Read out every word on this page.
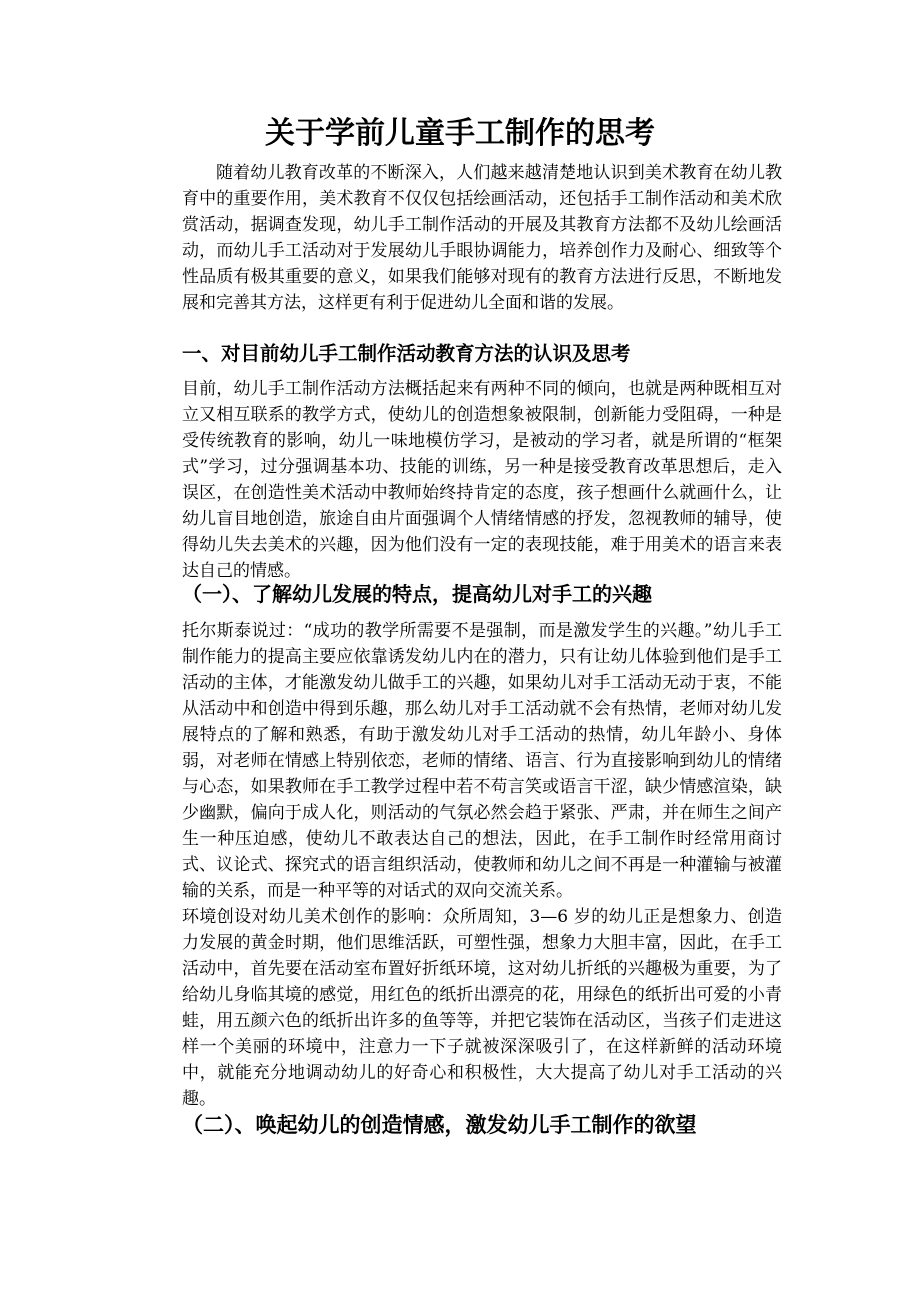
关于学前儿童手工制作的思考

随着幼儿教育改革的不断深入，人们越来越清楚地认识到美术教育在幼儿教育中的重要作用，美术教育不仅仅包括绘画活动，还包括手工制作活动和美术欣赏活动，据调查发现，幼儿手工制作活动的开展及其教育方法都不及幼儿绘画活动，而幼儿手工活动对于发展幼儿手眼协调能力，培养创作力及耐心、细致等个性品质有极其重要的意义，如果我们能够对现有的教育方法进行反思，不断地发展和完善其方法，这样更有利于促进幼儿全面和谐的发展。

一、对目前幼儿手工制作活动教育方法的认识及思考

目前，幼儿手工制作活动方法概括起来有两种不同的倾向，也就是两种既相互对立又相互联系的教学方式，使幼儿的创造想象被限制，创新能力受阻碍，一种是受传统教育的影响，幼儿一味地模仿学习，是被动的学习者，就是所谓的“框架式”学习，过分强调基本功、技能的训练，另一种是接受教育改革思想后，走入误区，在创造性美术活动中教师始终持肯定的态度，孩子想画什么就画什么，让幼儿盲目地创造，旅途自由片面强调个人情绪情感的抒发，忽视教师的辅导，使得幼儿失去美术的兴趣，因为他们没有一定的表现技能，难于用美术的语言来表达自己的情感。

（一）、了解幼儿发展的特点，提高幼儿对手工的兴趣

托尔斯泰说过：“成功的教学所需要不是强制，而是激发学生的兴趣。”幼儿手工制作能力的提高主要应依靠诱发幼儿内在的潜力，只有让幼儿体验到他们是手工活动的主体，才能激发幼儿做手工的兴趣，如果幼儿对手工活动无动于衷，不能从活动中和创造中得到乐趣，那么幼儿对手工活动就不会有热情，老师对幼儿发展特点的了解和熟悉，有助于激发幼儿对手工活动的热情，幼儿年龄小、身体弱，对老师在情感上特别依恋，老师的情绪、语言、行为直接影响到幼儿的情绪与心态，如果教师在手工教学过程中若不苟言笑或语言干涩，缺少情感渲染，缺少幽默，偏向于成人化，则活动的气氛必然会趋于紧张、严肃，并在师生之间产生一种压迫感，使幼儿不敢表达自己的想法，因此，在手工制作时经常用商讨式、议论式、探究式的语言组织活动，使教师和幼儿之间不再是一种灌输与被灌输的关系，而是一种平等的对话式的双向交流关系。

环境创设对幼儿美术创作的影响：众所周知，3—6 岁的幼儿正是想象力、创造力发展的黄金时期，他们思维活跃，可塑性强，想象力大胆丰富，因此，在手工活动中，首先要在活动室布置好折纸环境，这对幼儿折纸的兴趣极为重要，为了给幼儿身临其境的感觉，用红色的纸折出漂亮的花，用绿色的纸折出可爱的小青蛙，用五颜六色的纸折出许多的鱼等等，并把它装饰在活动区，当孩子们走进这样一个美丽的环境中，注意力一下子就被深深吸引了，在这样新鲜的活动环境中，就能充分地调动幼儿的好奇心和积极性，大大提高了幼儿对手工活动的兴趣。

（二）、唤起幼儿的创造情感，激发幼儿手工制作的欲望
